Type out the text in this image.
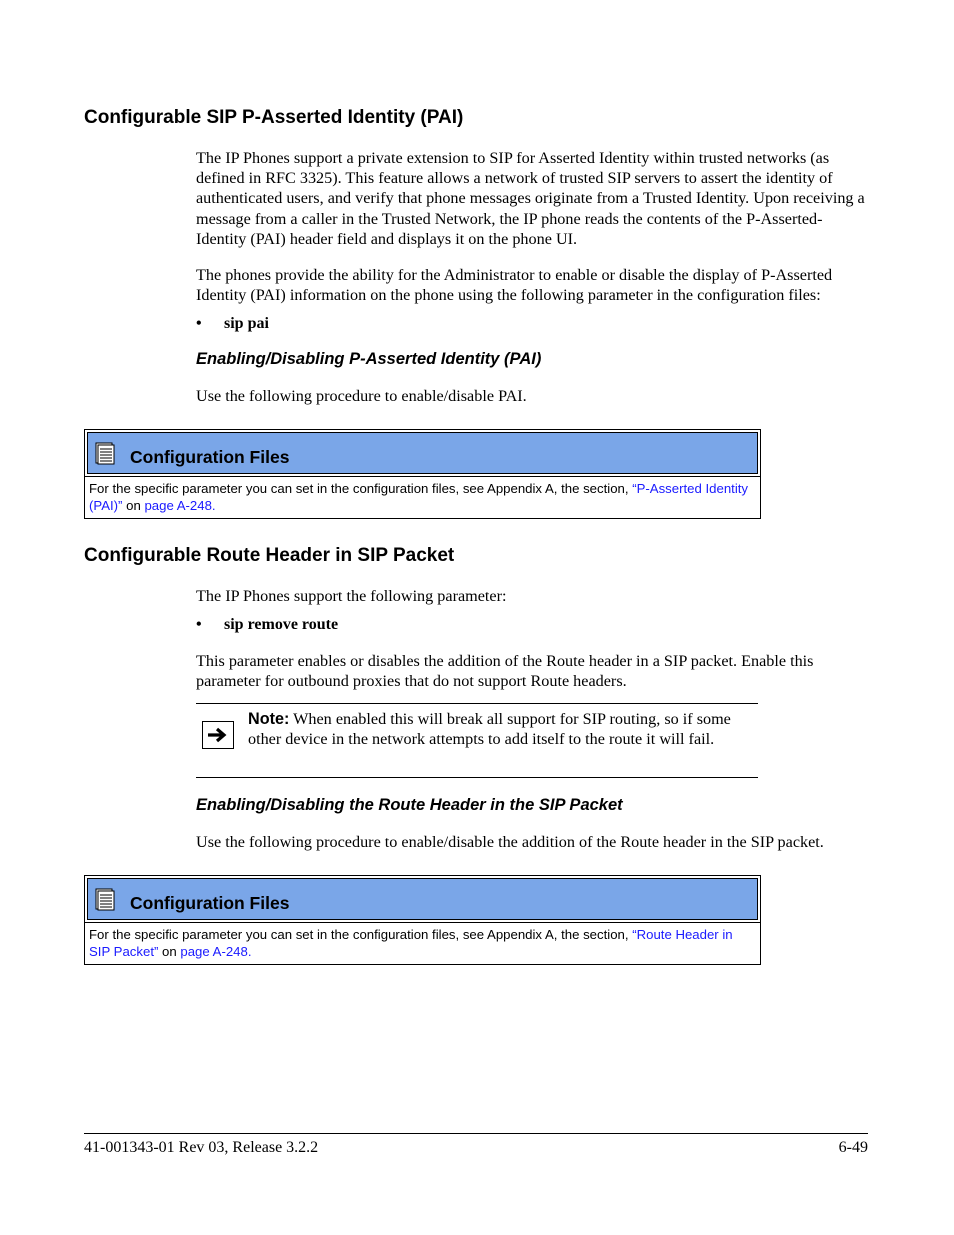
Configurable SIP P-Asserted Identity (PAI)

The IP Phones support a private extension to SIP for Asserted Identity within trusted networks (as defined in RFC 3325). This feature allows a network of trusted SIP servers to assert the identity of authenticated users, and verify that phone messages originate from a Trusted Identity. Upon receiving a message from a caller in the Trusted Network, the IP phone reads the contents of the P-Asserted-Identity (PAI) header field and displays it on the phone UI.

The phones provide the ability for the Administrator to enable or disable the display of P-Asserted Identity (PAI) information on the phone using the following parameter in the configuration files:

• sip pai
Enabling/Disabling P-Asserted Identity (PAI)

Use the following procedure to enable/disable PAI.

Configuration Files
For the specific parameter you can set in the configuration files, see Appendix A, the section, “P-Asserted Identity (PAI)” on page A-248.
Configurable Route Header in SIP Packet

The IP Phones support the following parameter:

• sip remove route

This parameter enables or disables the addition of the Route header in a SIP packet. Enable this parameter for outbound proxies that do not support Route headers.

Note: When enabled this will break all support for SIP routing, so if some other device in the network attempts to add itself to the route it will fail.
Enabling/Disabling the Route Header in the SIP Packet

Use the following procedure to enable/disable the addition of the Route header in the SIP packet.

Configuration Files
For the specific parameter you can set in the configuration files, see Appendix A, the section, “Route Header in SIP Packet” on page A-248.
41-001343-01 Rev 03, Release 3.2.2	6-49
